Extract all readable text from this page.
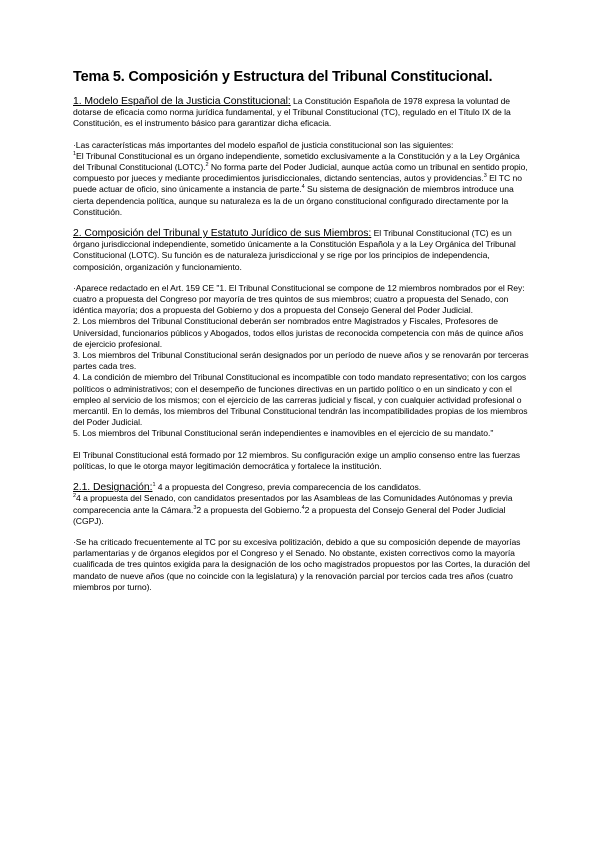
Tema 5. Composición y Estructura del Tribunal Constitucional.

1. Modelo Español de la Justicia Constitucional: La Constitución Española de 1978 expresa la voluntad de dotarse de eficacia como norma jurídica fundamental, y el Tribunal Constitucional (TC), regulado en el Título IX de la Constitución, es el instrumento básico para garantizar dicha eficacia.

·Las características más importantes del modelo español de justicia constitucional son las siguientes:
$^1$El Tribunal Constitucional es un órgano independiente, sometido exclusivamente a la Constitución y a la Ley Orgánica del Tribunal Constitucional (LOTC).$^2$ No forma parte del Poder Judicial, aunque actúa como un tribunal en sentido propio, compuesto por jueces y mediante procedimientos jurisdiccionales, dictando sentencias, autos y providencias.$^3$ El TC no puede actuar de oficio, sino únicamente a instancia de parte.$^4$ Su sistema de designación de miembros introduce una cierta dependencia política, aunque su naturaleza es la de un órgano constitucional configurado directamente por la Constitución.

2. Composición del Tribunal y Estatuto Jurídico de sus Miembros: El Tribunal Constitucional (TC) es un órgano jurisdiccional independiente, sometido únicamente a la Constitución Española y a la Ley Orgánica del Tribunal Constitucional (LOTC). Su función es de naturaleza jurisdiccional y se rige por los principios de independencia, composición, organización y funcionamiento.

·Aparece redactado en el Art. 159 CE "1. El Tribunal Constitucional se compone de 12 miembros nombrados por el Rey: cuatro a propuesta del Congreso por mayoría de tres quintos de sus miembros; cuatro a propuesta del Senado, con idéntica mayoría; dos a propuesta del Gobierno y dos a propuesta del Consejo General del Poder Judicial.
2. Los miembros del Tribunal Constitucional deberán ser nombrados entre Magistrados y Fiscales, Profesores de Universidad, funcionarios públicos y Abogados, todos ellos juristas de reconocida competencia con más de quince años de ejercicio profesional.
3. Los miembros del Tribunal Constitucional serán designados por un período de nueve años y se renovarán por terceras partes cada tres.
4. La condición de miembro del Tribunal Constitucional es incompatible con todo mandato representativo; con los cargos políticos o administrativos; con el desempeño de funciones directivas en un partido político o en un sindicato y con el empleo al servicio de los mismos; con el ejercicio de las carreras judicial y fiscal, y con cualquier actividad profesional o mercantil. En lo demás, los miembros del Tribunal Constitucional tendrán las incompatibilidades propias de los miembros del Poder Judicial.
5. Los miembros del Tribunal Constitucional serán independientes e inamovibles en el ejercicio de su mandato."

El Tribunal Constitucional está formado por 12 miembros. Su configuración exige un amplio consenso entre las fuerzas políticas, lo que le otorga mayor legitimación democrática y fortalece la institución.

2.1. Designación:$^1$ 4 a propuesta del Congreso, previa comparecencia de los candidatos.
$^2$4 a propuesta del Senado, con candidatos presentados por las Asambleas de las Comunidades Autónomas y previa comparecencia ante la Cámara.$^3$2 a propuesta del Gobierno.$^4$2 a propuesta del Consejo General del Poder Judicial (CGPJ).

·Se ha criticado frecuentemente al TC por su excesiva politización, debido a que su composición depende de mayorías parlamentarias y de órganos elegidos por el Congreso y el Senado. No obstante, existen correctivos como la mayoría cualificada de tres quintos exigida para la designación de los ocho magistrados propuestos por las Cortes, la duración del mandato de nueve años (que no coincide con la legislatura) y la renovación parcial por tercios cada tres años (cuatro miembros por turno).
